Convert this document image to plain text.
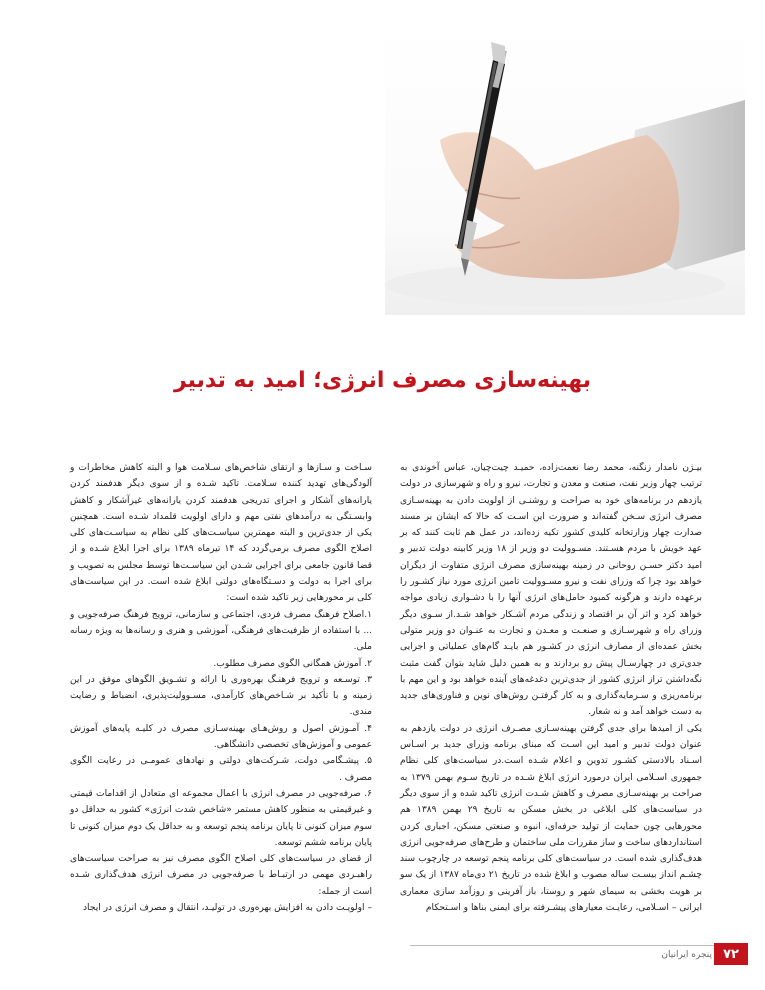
بهینه‌سازی مصرف انرژی؛ امید به تدبیر

بیـژن نامدار زنگنه، محمد رضا نعمت‌زاده، حمیـد چیت‌چیان، عباس آخوندی به ترتیب چهار وزیر نفت، صنعت و معدن و تجارت، نیرو و راه و شهرسازی در دولت یازدهم در برنامه‌های خود به صراحت و روشنـی از اولویت دادن به بهینه‌سـازی مصرف انرژی سـخن گفته‌اند و ضرورت این اسـت که حالا که ایشان بر مسند صدارت چهار وزارتخانه کلیدی کشور تکیه زده‌اند، در عمل هم ثابت کنند که بر عهد خویش با مردم هسـتند. مسـوولیت دو وزیر از ۱۸ وزیر کابینه دولت تدبیر و امید دکتر حسـن روحانی در زمینه بهینه‌سازی مصرف انرژی متفاوت از دیگران خواهد بود چرا که وزرای نفت و نیرو مسـوولیت تامین انرژی مورد نیاز کشـور را برعهده دارند و هرگونه کمبود حامل‌های انرژی آنها را با دشـواری زیادی مواجه خواهد کرد و اثر آن بر اقتصاد و زندگی مردم آشـکار خواهد شـد.از سـوی دیگر وزرای راه و شهرسـازی و صنعـت و معـدن و تجارت به عنـوان دو وزیر متولی بخش عمده‌ای از مصارف انرژی در کشـور هم بایـد گام‌های عملیاتی و اجرایی جدی‌تری در چهارسـال پیش رو بردارند و به همین دلیل شاید بتوان گفت مثبت نگه‌داشتن تراز انرژی کشور از جدی‌ترین دغدغه‌های آینده خواهد بود و این مهم با برنامه‌ریزی و سـرمایه‌گذاری و به کار گرفتـن روش‌های نوین و فناوری‌های جدید به دست خواهد آمد و نه شعار.

یکی از امیدها برای جدی گرفتن بهینه‌سـازی مصـرف انرژی در دولت یازدهم به عنوان دولت تدبیر و امید این اسـت که مبنای برنامه وزرای جدید بر اسـاس اسـناد بالادستی کشـور تدوین و اعلام شـده است.در سیاست‌های کلی نظام جمهوری اسـلامی ایران درمورد انرژی ابلاغ شـده در تاریخ سـوم بهمن ۱۳۷۹ به صراحت بر بهینه‌سـازی مصرف و کاهش شـدت انرژی تاکید شده و از سوی دیگر در سیاست‌های کلی ابلاغی در بخش مسکن به تاریخ ۲۹ بهمن ۱۳۸۹ هم محورهایی چون حمایت از تولید حرفه‌ای، انبوه و صنعتی مسکن، اجباری کردن استانداردهای ساخت و ساز مقررات ملی ساختمان و طرح‌های صرفه‌جویی انرژی هدف‌گذاری شده است. در سیاست‌های کلی برنامه پنجم توسعه در چارچوب سند چشـم انداز بیسـت ساله مصوب و ابلاغ شده در تاریخ ۲۱ دی‌ماه ۱۳۸۷ از یک سو بر هویت بخشی به سیمای شهر و روستا، باز آفرینی و روزآمد سازی معماری ایرانی – اسـلامی، رعایـت معیارهای پیشـرفته برای ایمنی بناها و اسـتحکام

سـاخت و سـازها و ارتقای شاخص‌های سـلامت هوا و البته کاهش مخاطرات و آلودگی‌های تهدید کننده سـلامت. تاکید شـده و از سوی دیگر هدفمند کردن یارانه‌های آشکار و اجرای تدریجی هدفمند کردن یارانه‌های غیرآشکار و کاهش وابسـتگی به درآمدهای نفتی مهم و دارای اولویت قلمداد شـده است. همچنین یکی از جدی‌ترین و البته مهمترین سیاسـت‌های کلی نظام به سیاسـت‌های کلی اصلاح الگوی مصرف برمی‌گردد که ۱۴ تیرماه ۱۳۸۹ برای اجرا ابلاغ شـده و از قضا قانون جامعی برای اجرایی شـدن این سیاسـت‌ها توسط مجلس به تصویب و برای اجرا به دولت و دسـتگاه‌های دولتی ابلاغ شده است. در این سیاست‌های کلی بر محورهایی زیر تاکید شده است:

۱.اصلاح فرهنگ مصرف فردی، اجتماعی و سازمانی، ترویج فرهنگ صرفه‌جویی و ... با استفاده از ظرفیت‌های فرهنگی، آموزشی و هنری و رسانه‌ها به ویژه رسانه ملی.

۲. آموزش همگانی الگوی مصرف مطلوب.

۳. توسـعه و ترویج فرهنـگ بهره‌وری با ارائه و تشـویق الگوهای موفق در این زمینه و با تأکید بر شـاخص‌های کارآمدی، مسـوولیت‌پذیری، انضباط و رضایت مندی.

۴. آمـوزش اصول و روش‌هـای بهینه‌سـازی مصرف در کلیـه پایه‌های آموزش عمومی و آموزش‌های تخصصی دانشگاهی.

۵. پیشـگامی دولت، شـرکت‌های دولتی و نهادهای عمومـی در رعایت الگوی مصرف .

۶. صرفه‌جویی در مصرف انرژی با اعمال مجموعه ای متعادل از اقدامات قیمتی و غیرقیمتی به منظور کاهش مستمر «شاخص شدت انرژی» کشور به حداقل دو سوم میزان کنونی تا پایان برنامه پنجم توسعه و به حداقل یک دوم میزان کنونی تا پایان برنامه ششم توسعه.

از قضای در سیاست‌های کلی اصلاح الگوی مصرف نیز به صراحت سیاست‌های راهبـردی مهمی در ارتبـاط با صرفه‌جویی در مصرف انرژی هدف‌گذاری شـده است از جمله:

– اولویـت دادن به افزایش بهره‌وری در تولیـد، انتقال و مصرف انرژی در ایجاد

پنجره ایرانیان ۷۲
